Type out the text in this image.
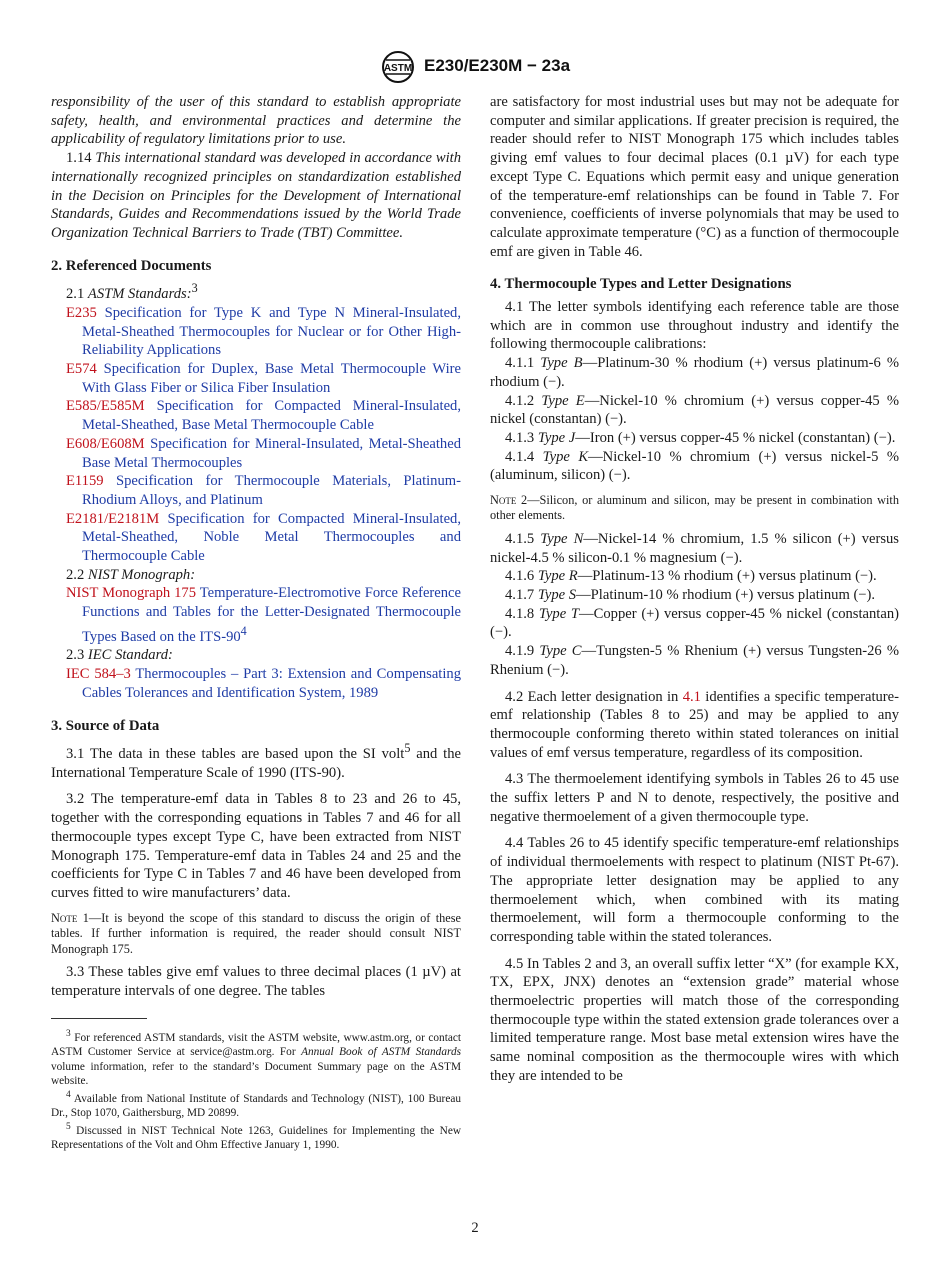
ASTM E230/E230M − 23a

responsibility of the user of this standard to establish appropriate safety, health, and environmental practices and determine the applicability of regulatory limitations prior to use.

1.14 This international standard was developed in accordance with internationally recognized principles on standardization established in the Decision on Principles for the Development of International Standards, Guides and Recommendations issued by the World Trade Organization Technical Barriers to Trade (TBT) Committee.

2. Referenced Documents

2.1 ASTM Standards:$^3$

E235 Specification for Type K and Type N Mineral-Insulated, Metal-Sheathed Thermocouples for Nuclear or for Other High-Reliability Applications

E574 Specification for Duplex, Base Metal Thermocouple Wire With Glass Fiber or Silica Fiber Insulation

E585/E585M Specification for Compacted Mineral-Insulated, Metal-Sheathed, Base Metal Thermocouple Cable

E608/E608M Specification for Mineral-Insulated, Metal-Sheathed Base Metal Thermocouples

E1159 Specification for Thermocouple Materials, Platinum-Rhodium Alloys, and Platinum

E2181/E2181M Specification for Compacted Mineral-Insulated, Metal-Sheathed, Noble Metal Thermocouples and Thermocouple Cable

2.2 NIST Monograph:

NIST Monograph 175 Temperature-Electromotive Force Reference Functions and Tables for the Letter-Designated Thermocouple Types Based on the ITS-$90^4$

2.3 IEC Standard:

IEC 584–3 Thermocouples – Part 3: Extension and Compensating Cables Tolerances and Identification System, 1989

3. Source of Data

3.1 The data in these tables are based upon the SI volt$^5$ and the International Temperature Scale of 1990 (ITS-90).

3.2 The temperature-emf data in Tables 8 to 23 and 26 to 45, together with the corresponding equations in Tables 7 and 46 for all thermocouple types except Type C, have been extracted from NIST Monograph 175. Temperature-emf data in Tables 24 and 25 and the coefficients for Type C in Tables 7 and 46 have been developed from curves fitted to wire manufacturers’ data.

Note 1—It is beyond the scope of this standard to discuss the origin of these tables. If further information is required, the reader should consult NIST Monograph 175.

3.3 These tables give emf values to three decimal places (1 µV) at temperature intervals of one degree. The tables

$^3$ For referenced ASTM standards, visit the ASTM website, www.astm.org, or contact ASTM Customer Service at service@astm.org. For Annual Book of ASTM Standards volume information, refer to the standard’s Document Summary page on the ASTM website.

$^4$ Available from National Institute of Standards and Technology (NIST), 100 Bureau Dr., Stop 1070, Gaithersburg, MD 20899.

$^5$ Discussed in NIST Technical Note 1263, Guidelines for Implementing the New Representations of the Volt and Ohm Effective January 1, 1990.

are satisfactory for most industrial uses but may not be adequate for computer and similar applications. If greater precision is required, the reader should refer to NIST Monograph 175 which includes tables giving emf values to four decimal places (0.1 µV) for each type except Type C. Equations which permit easy and unique generation of the temperature-emf relationships can be found in Table 7. For convenience, coefficients of inverse polynomials that may be used to calculate approximate temperature (°C) as a function of thermocouple emf are given in Table 46.

4. Thermocouple Types and Letter Designations

4.1 The letter symbols identifying each reference table are those which are in common use throughout industry and identify the following thermocouple calibrations:

4.1.1 Type B—Platinum-30 % rhodium (+) versus platinum-6 % rhodium (−).

4.1.2 Type E—Nickel-10 % chromium (+) versus copper-45 % nickel (constantan) (−).

4.1.3 Type J—Iron (+) versus copper-45 % nickel (constantan) (−).

4.1.4 Type K—Nickel-10 % chromium (+) versus nickel-5 % (aluminum, silicon) (−).

Note 2—Silicon, or aluminum and silicon, may be present in combination with other elements.

4.1.5 Type N—Nickel-14 % chromium, 1.5 % silicon (+) versus nickel-4.5 % silicon-0.1 % magnesium (−).

4.1.6 Type R—Platinum-13 % rhodium (+) versus platinum (−).

4.1.7 Type S—Platinum-10 % rhodium (+) versus platinum (−).

4.1.8 Type T—Copper (+) versus copper-45 % nickel (constantan) (−).

4.1.9 Type C—Tungsten-5 % Rhenium (+) versus Tungsten-26 % Rhenium (−).

4.2 Each letter designation in 4.1 identifies a specific temperature-emf relationship (Tables 8 to 25) and may be applied to any thermocouple conforming thereto within stated tolerances on initial values of emf versus temperature, regardless of its composition.

4.3 The thermoelement identifying symbols in Tables 26 to 45 use the suffix letters P and N to denote, respectively, the positive and negative thermoelement of a given thermocouple type.

4.4 Tables 26 to 45 identify specific temperature-emf relationships of individual thermoelements with respect to platinum (NIST Pt-67). The appropriate letter designation may be applied to any thermoelement which, when combined with its mating thermoelement, will form a thermocouple conforming to the corresponding table within the stated tolerances.

4.5 In Tables 2 and 3, an overall suffix letter “X” (for example KX, TX, EPX, JNX) denotes an “extension grade” material whose thermoelectric properties will match those of the corresponding thermocouple type within the stated extension grade tolerances over a limited temperature range. Most base metal extension wires have the same nominal composition as the thermocouple wires with which they are intended to be

2
